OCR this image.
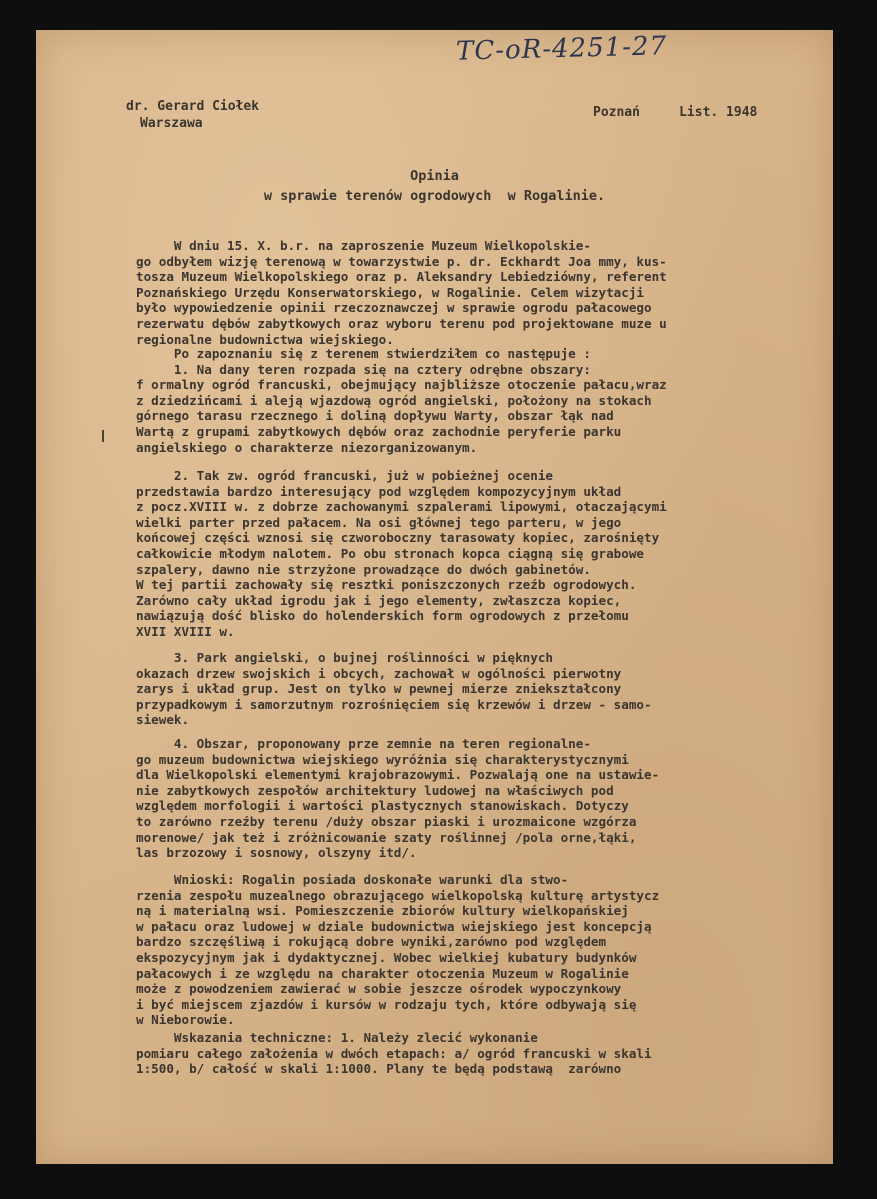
TC-oR-4251-27
dr. Gerard Ciołek
Warszawa
Poznań     List. 1948
Opinia
w sprawie terenów ogrodowych  w Rogalinie.
W dniu 15. X. b.r. na zaproszenie Muzeum Wielkopolskie-
go odbyłem wizję terenową w towarzystwie p. dr. Eckhardt Joa mmy, kus-
tosza Muzeum Wielkopolskiego oraz p. Aleksandry Lebiedziówny, referent
Poznańskiego Urzędu Konserwatorskiego, w Rogalinie. Celem wizytacji
było wypowiedzenie opinii rzeczoznawczej w sprawie ogrodu pałacowego
rezerwatu dębów zabytkowych oraz wyboru terenu pod projektowane muze u
regionalne budownictwa wiejskiego.
Po zapoznaniu się z terenem stwierdziłem co następuje :
1. Na dany teren rozpada się na cztery odrębne obszary:
f ormalny ogród francuski, obejmujący najbliższe otoczenie pałacu,wraz
z dziedzińcami i aleją wjazdową ogród angielski, położony na stokach
górnego tarasu rzecznego i doliną dopływu Warty, obszar łąk nad
Wartą z grupami zabytkowych dębów oraz zachodnie peryferie parku
angielskiego o charakterze niezorganizowanym.
2. Tak zw. ogród francuski, już w pobieżnej ocenie
przedstawia bardzo interesujący pod względem kompozycyjnym układ
z pocz.XVIII w. z dobrze zachowanymi szpalerami lipowymi, otaczającymi
wielki parter przed pałacem. Na osi głównej tego parteru, w jego
końcowej części wznosi się czworoboczny tarasowaty kopiec, zarośnięty
całkowicie młodym nalotem. Po obu stronach kopca ciągną się grabowe
szpalery, dawno nie strzyżone prowadzące do dwóch gabinetów.
W tej partii zachowały się resztki poniszczonych rzeźb ogrodowych.
Zarówno cały układ igrodu jak i jego elementy, zwłaszcza kopiec,
nawiązują dość blisko do holenderskich form ogrodowych z przełomu
XVII XVIII w.
3. Park angielski, o bujnej roślinności w pięknych
okazach drzew swojskich i obcych, zachował w ogólności pierwotny
zarys i układ grup. Jest on tylko w pewnej mierze zniekształcony
przypadkowym i samorzutnym rozrośnięciem się krzewów i drzew - samo-
siewek.
4. Obszar, proponowany prze zemnie na teren regionalne-
go muzeum budownictwa wiejskiego wyróżnia się charakterystycznymi
dla Wielkopolski elementymi krajobrazowymi. Pozwalają one na ustawie-
nie zabytkowych zespołów architektury ludowej na właściwych pod
względem morfologii i wartości plastycznych stanowiskach. Dotyczy
to zarówno rzeźby terenu /duży obszar piaski i urozmaicone wzgórza
morenowe/ jak też i zróżnicowanie szaty roślinnej /pola orne,łąki,
las brzozowy i sosnowy, olszyny itd/.
Wnioski: Rogalin posiada doskonałe warunki dla stwo-
rzenia zespołu muzealnego obrazującego wielkopolską kulturę artystycz
ną i materialną wsi. Pomieszczenie zbiorów kultury wielkopańskiej
w pałacu oraz ludowej w dziale budownictwa wiejskiego jest koncepcją
bardzo szczęśliwą i rokującą dobre wyniki,zarówno pod względem
ekspozycyjnym jak i dydaktycznej. Wobec wielkiej kubatury budynków
pałacowych i ze względu na charakter otoczenia Muzeum w Rogalinie
może z powodzeniem zawierać w sobie jeszcze ośrodek wypoczynkowy
i być miejscem zjazdów i kursów w rodzaju tych, które odbywają się
w Nieborowie.
Wskazania techniczne: 1. Należy zlecić wykonanie
pomiaru całego założenia w dwóch etapach: a/ ogród francuski w skali
1:500, b/ całość w skali 1:1000. Plany te będą podstawą  zarówno
